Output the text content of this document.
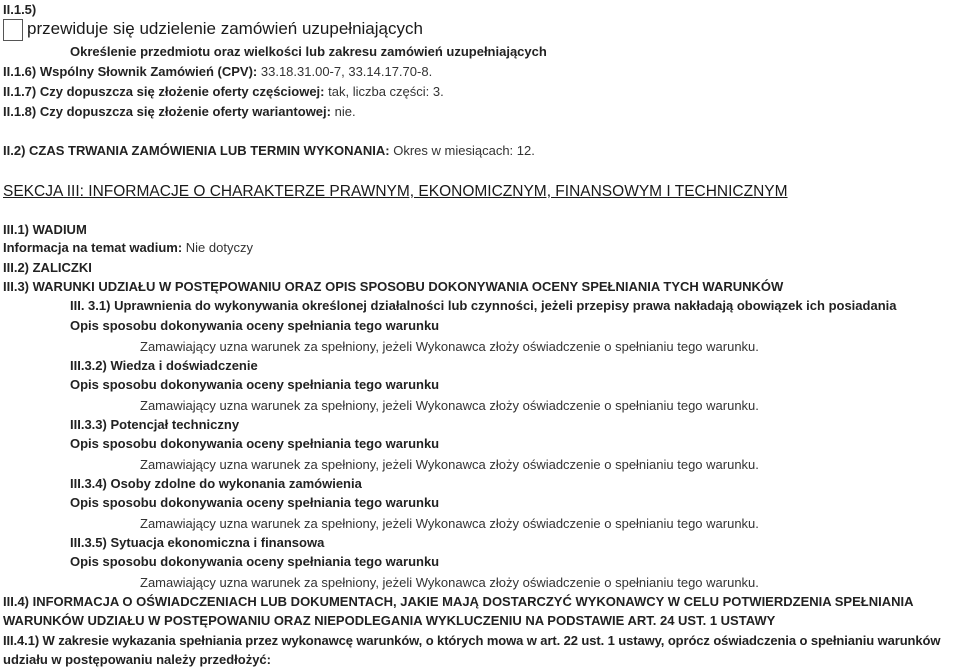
II.1.5)
przewiduje się udzielenie zamówień uzupełniających
Określenie przedmiotu oraz wielkości lub zakresu zamówień uzupełniających
II.1.6) Wspólny Słownik Zamówień (CPV): 33.18.31.00-7, 33.14.17.70-8.
II.1.7) Czy dopuszcza się złożenie oferty częściowej: tak, liczba części: 3.
II.1.8) Czy dopuszcza się złożenie oferty wariantowej: nie.
II.2) CZAS TRWANIA ZAMÓWIENIA LUB TERMIN WYKONANIA: Okres w miesiącach: 12.
SEKCJA III: INFORMACJE O CHARAKTERZE PRAWNYM, EKONOMICZNYM, FINANSOWYM I TECHNICZNYM
III.1) WADIUM
Informacja na temat wadium: Nie dotyczy
III.2) ZALICZKI
III.3) WARUNKI UDZIAŁU W POSTĘPOWANIU ORAZ OPIS SPOSOBU DOKONYWANIA OCENY SPEŁNIANIA TYCH WARUNKÓW
III. 3.1) Uprawnienia do wykonywania określonej działalności lub czynności, jeżeli przepisy prawa nakładają obowiązek ich posiadania
Opis sposobu dokonywania oceny spełniania tego warunku
Zamawiający uzna warunek za spełniony, jeżeli Wykonawca złoży oświadczenie o spełnianiu tego warunku.
III.3.2) Wiedza i doświadczenie
Opis sposobu dokonywania oceny spełniania tego warunku
Zamawiający uzna warunek za spełniony, jeżeli Wykonawca złoży oświadczenie o spełnianiu tego warunku.
III.3.3) Potencjał techniczny
Opis sposobu dokonywania oceny spełniania tego warunku
Zamawiający uzna warunek za spełniony, jeżeli Wykonawca złoży oświadczenie o spełnianiu tego warunku.
III.3.4) Osoby zdolne do wykonania zamówienia
Opis sposobu dokonywania oceny spełniania tego warunku
Zamawiający uzna warunek za spełniony, jeżeli Wykonawca złoży oświadczenie o spełnianiu tego warunku.
III.3.5) Sytuacja ekonomiczna i finansowa
Opis sposobu dokonywania oceny spełniania tego warunku
Zamawiający uzna warunek za spełniony, jeżeli Wykonawca złoży oświadczenie o spełnianiu tego warunku.
III.4) INFORMACJA O OŚWIADCZENIACH LUB DOKUMENTACH, JAKIE MAJĄ DOSTARCZYĆ WYKONAWCY W CELU POTWIERDZENIA SPEŁNIANIA
WARUNKÓW UDZIAŁU W POSTĘPOWANIU ORAZ NIEPODLEGANIA WYKLUCZENIU NA PODSTAWIE ART. 24 UST. 1 USTAWY
III.4.1) W zakresie wykazania spełniania przez wykonawcę warunków, o których mowa w art. 22 ust. 1 ustawy, oprócz oświadczenia o spełnianiu warunków
udziału w postępowaniu należy przedłożyć:
